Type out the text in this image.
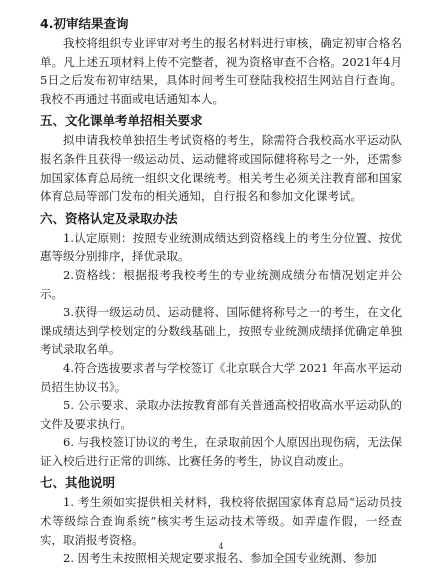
4.初审结果查询

我校将组织专业评审对考生的报名材料进行审核，确定初审合格名单。凡上述五项材料上传不完整者，视为资格审查不合格。2021年4月5日之后发布初审结果，具体时间考生可登陆我校招生网站自行查询。我校不再通过书面或电话通知本人。

五、文化课单考单招相关要求

拟申请我校单独招生考试资格的考生，除需符合我校高水平运动队报名条件且获得一级运动员、运动健将或国际健将称号之一外，还需参加国家体育总局统一组织文化课统考。相关考生必须关注教育部和国家体育总局等部门发布的相关通知，自行报名和参加文化课考试。

六、资格认定及录取办法

1.认定原则：按照专业统测成绩达到资格线上的考生分位置、按优惠等级分别排序，择优录取。

2.资格线：根据报考我校考生的专业统测成绩分布情况划定并公示。

3.获得一级运动员、运动健将、国际健将称号之一的考生，在文化课成绩达到学校划定的分数线基础上，按照专业统测成绩择优确定单独考试录取名单。

4.符合选拔要求者与学校签订《北京联合大学 2021 年高水平运动员招生协议书》。

5. 公示要求、录取办法按教育部有关普通高校招收高水平运动队的文件及要求执行。

6. 与我校签订协议的考生，在录取前因个人原因出现伤病，无法保证入校后进行正常的训练、比赛任务的考生，协议自动废止。

七、其他说明

1. 考生须如实提供相关材料，我校将依据国家体育总局“运动员技术等级综合查询系统”核实考生运动技术等级。如弄虚作假，一经查实，取消报考资格。

2. 因考生未按照相关规定要求报名、参加全国专业统测、参加

4
